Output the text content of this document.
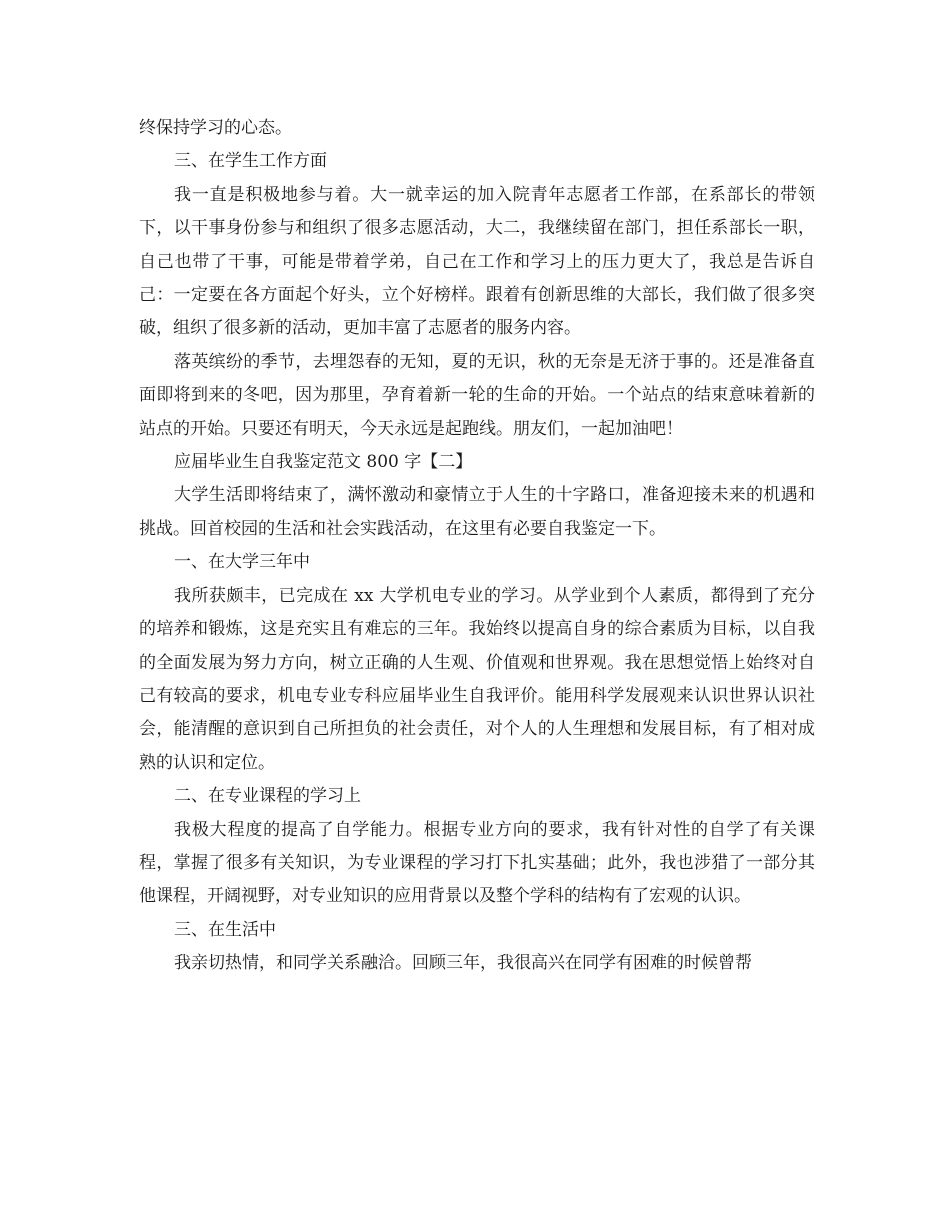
终保持学习的心态。

三、在学生工作方面

我一直是积极地参与着。大一就幸运的加入院青年志愿者工作部，在系部长的带领下，以干事身份参与和组织了很多志愿活动，大二，我继续留在部门，担任系部长一职，自己也带了干事，可能是带着学弟，自己在工作和学习上的压力更大了，我总是告诉自己：一定要在各方面起个好头，立个好榜样。跟着有创新思维的大部长，我们做了很多突破，组织了很多新的活动，更加丰富了志愿者的服务内容。

落英缤纷的季节，去埋怨春的无知，夏的无识，秋的无奈是无济于事的。还是准备直面即将到来的冬吧，因为那里，孕育着新一轮的生命的开始。一个站点的结束意味着新的站点的开始。只要还有明天，今天永远是起跑线。朋友们，一起加油吧！

应届毕业生自我鉴定范文 800 字【二】

大学生活即将结束了，满怀激动和豪情立于人生的十字路口，准备迎接未来的机遇和挑战。回首校园的生活和社会实践活动，在这里有必要自我鉴定一下。

一、在大学三年中

我所获颇丰，已完成在 xx 大学机电专业的学习。从学业到个人素质，都得到了充分的培养和锻炼，这是充实且有难忘的三年。我始终以提高自身的综合素质为目标，以自我的全面发展为努力方向，树立正确的人生观、价值观和世界观。我在思想觉悟上始终对自己有较高的要求，机电专业专科应届毕业生自我评价。能用科学发展观来认识世界认识社会，能清醒的意识到自己所担负的社会责任，对个人的人生理想和发展目标，有了相对成熟的认识和定位。

二、在专业课程的学习上

我极大程度的提高了自学能力。根据专业方向的要求，我有针对性的自学了有关课程，掌握了很多有关知识，为专业课程的学习打下扎实基础；此外，我也涉猎了一部分其他课程，开阔视野，对专业知识的应用背景以及整个学科的结构有了宏观的认识。

三、在生活中

我亲切热情，和同学关系融洽。回顾三年，我很高兴在同学有困难的时候曾帮
